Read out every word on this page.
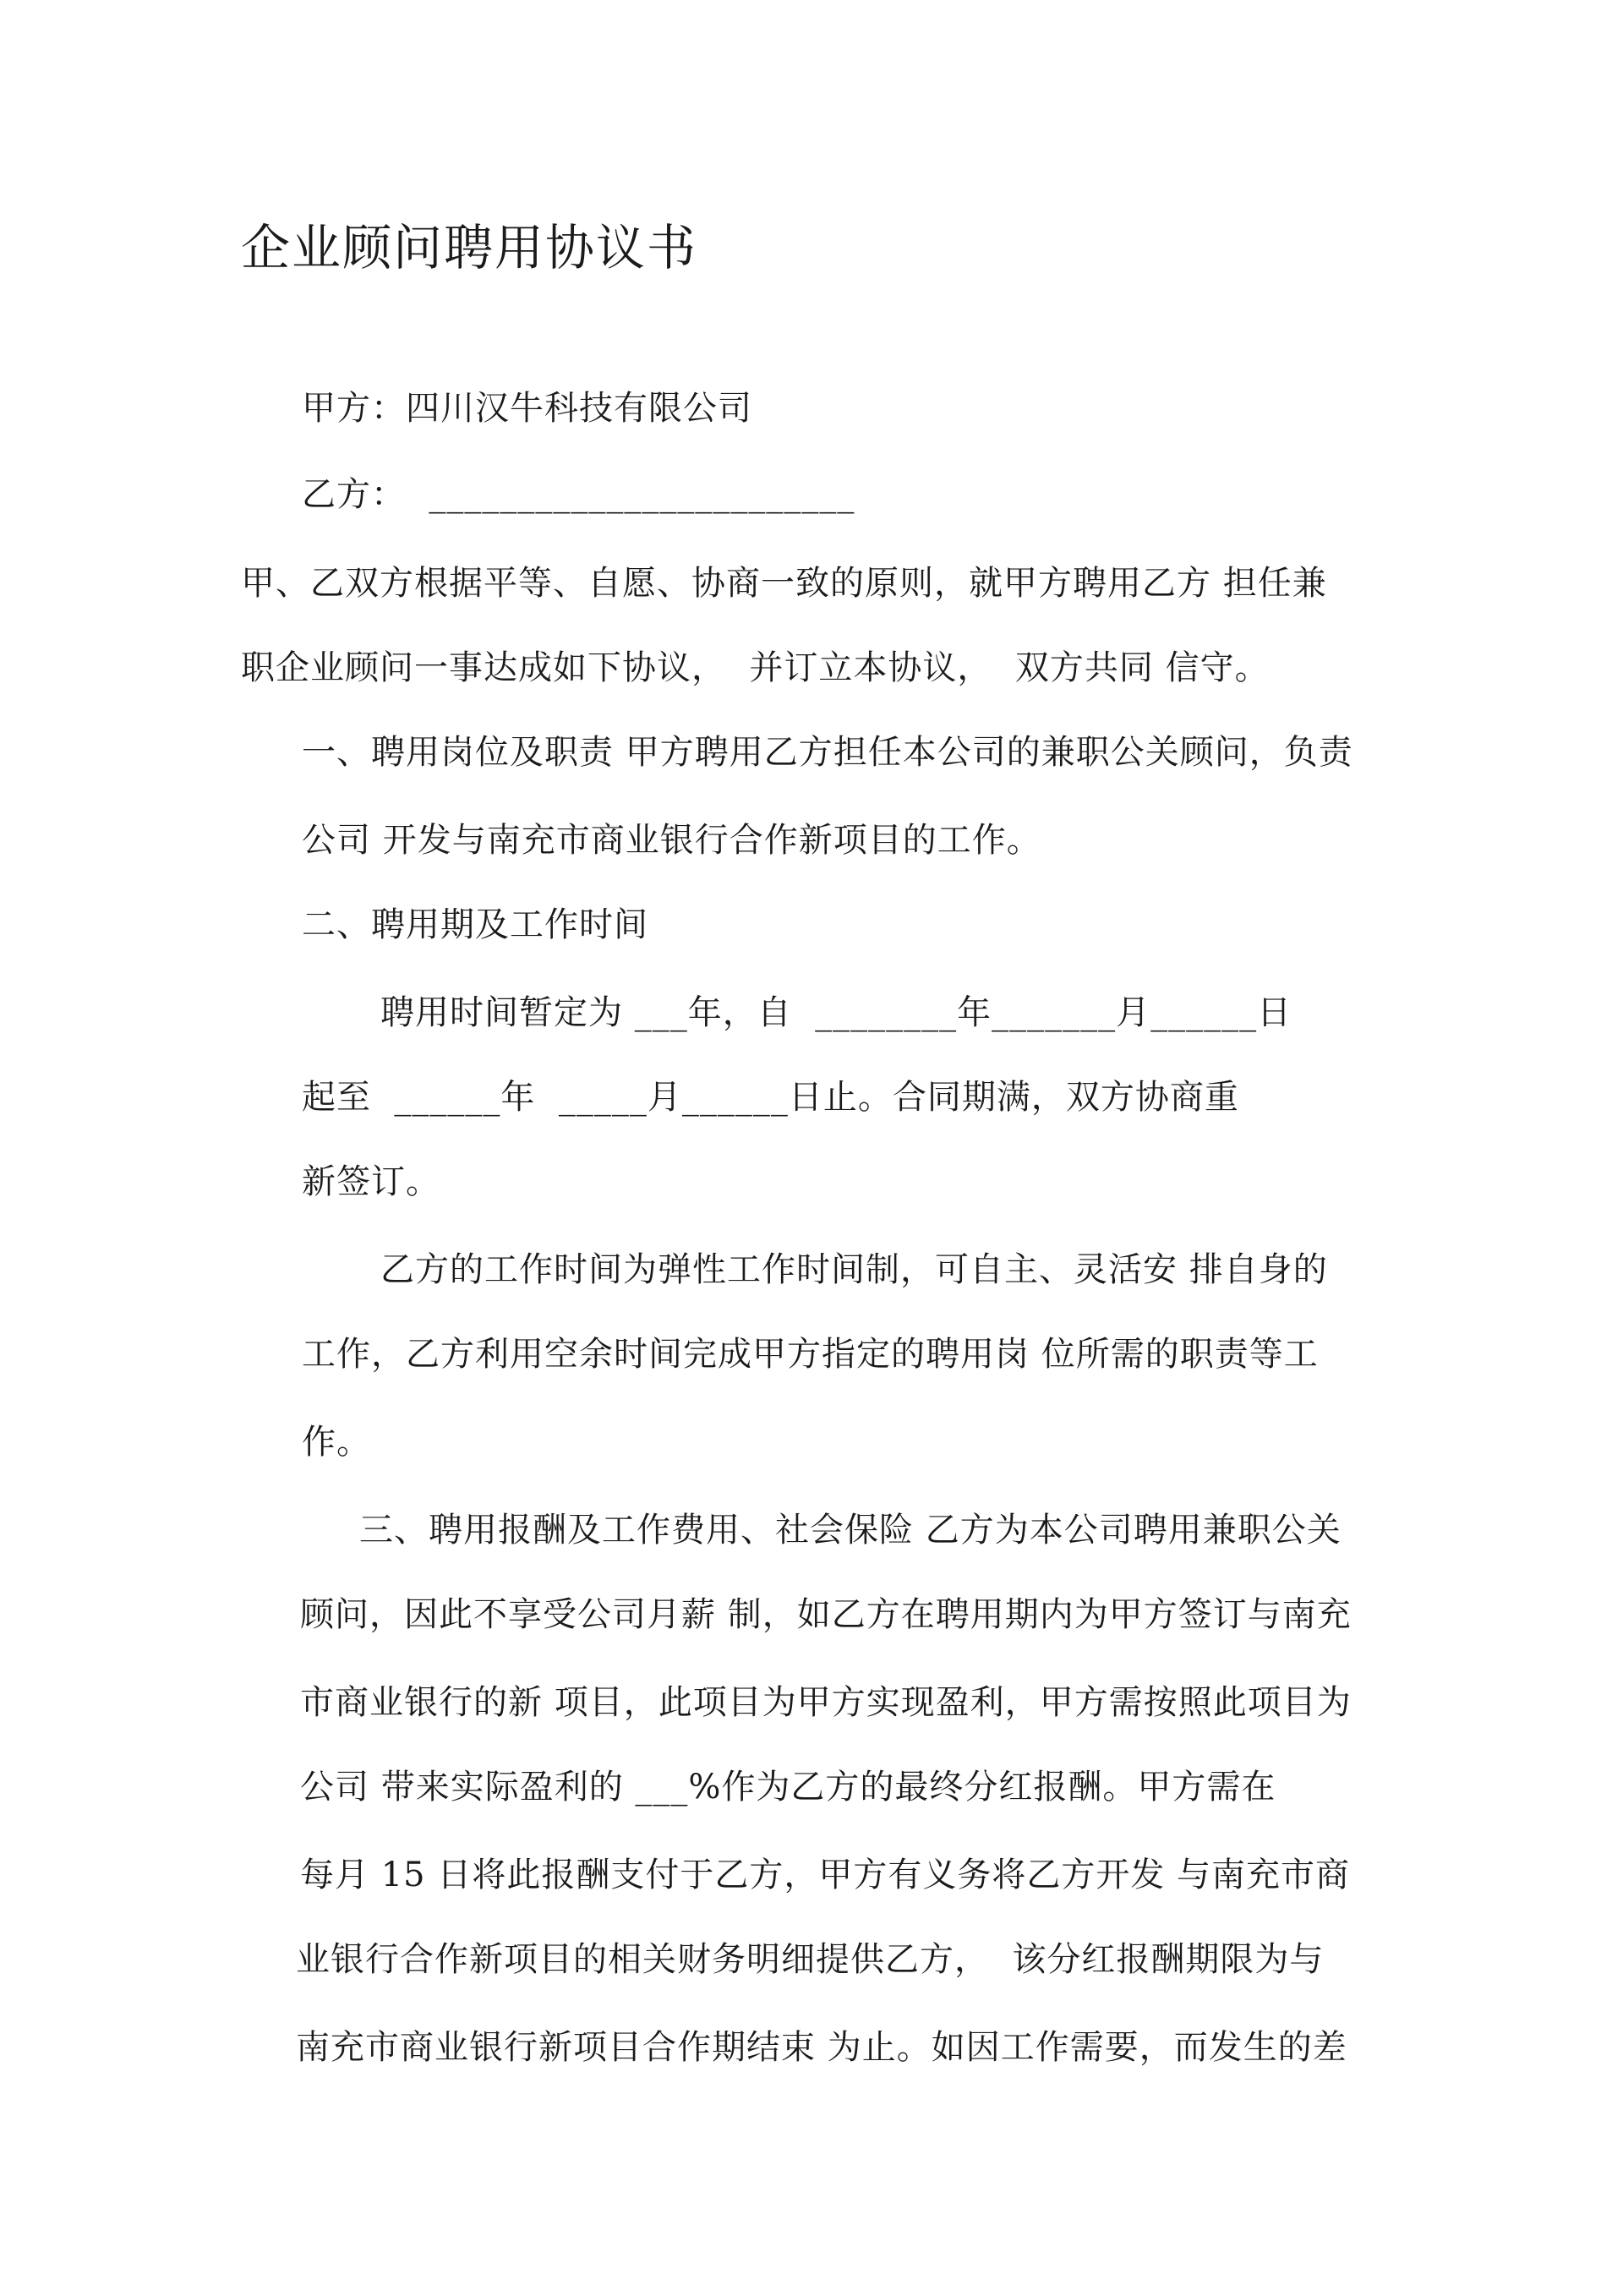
企业顾问聘用协议书
甲方：四川汉牛科技有限公司
乙方：  ________________________
甲、乙双方根据平等、自愿、协商一致的原则，就甲方聘用乙方 担任兼
职企业顾问一事达成如下协议，  并订立本协议，  双方共同 信守。
一、聘用岗位及职责 甲方聘用乙方担任本公司的兼职公关顾问，负责
公司 开发与南充市商业银行合作新项目的工作。
二、聘用期及工作时间
聘用时间暂定为 ___年，自  ________年_______月______日
起至  ______年  _____月______日止。合同期满，双方协商重
新签订。
乙方的工作时间为弹性工作时间制，可自主、灵活安 排自身的
工作，乙方利用空余时间完成甲方指定的聘用岗 位所需的职责等工
作。
三、聘用报酬及工作费用、社会保险 乙方为本公司聘用兼职公关
顾问，因此不享受公司月薪 制，如乙方在聘用期内为甲方签订与南充
市商业银行的新 项目，此项目为甲方实现盈利，甲方需按照此项目为
公司 带来实际盈利的 ___%作为乙方的最终分红报酬。甲方需在
每月 15 日将此报酬支付于乙方，甲方有义务将乙方开发 与南充市商
业银行合作新项目的相关财务明细提供乙方，  该分红报酬期限为与
南充市商业银行新项目合作期结束 为止。如因工作需要，而发生的差
